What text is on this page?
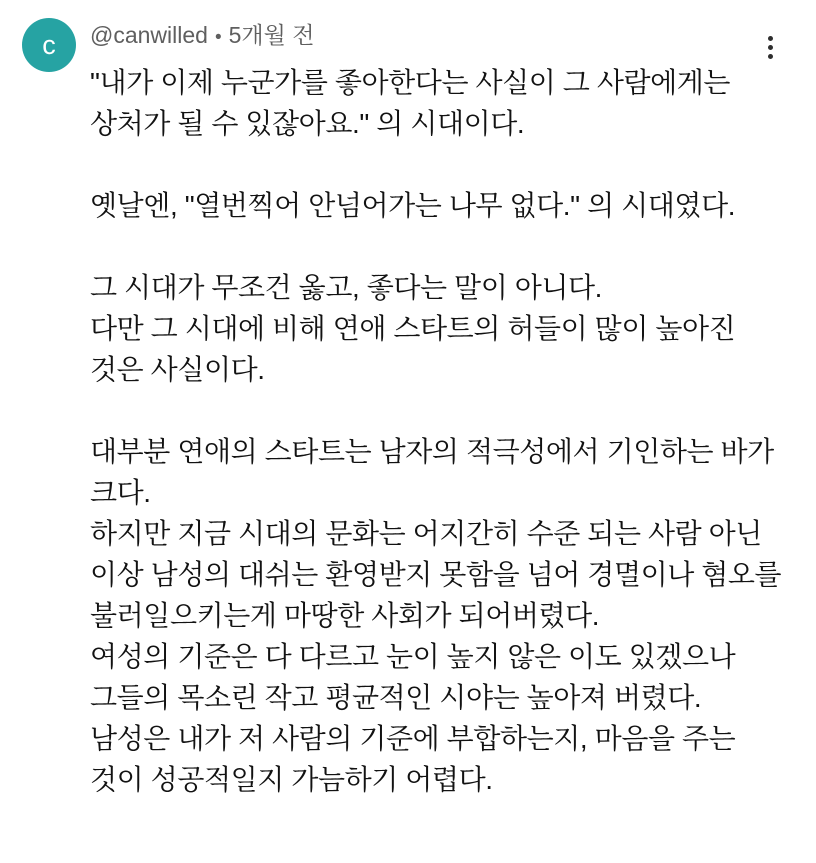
c @canwilled • 5개월 전
"내가 이제 누군가를 좋아한다는 사실이 그 사람에게는
상처가 될 수 있잖아요." 의 시대이다.

옛날엔, "열번찍어 안넘어가는 나무 없다." 의 시대였다.

그 시대가 무조건 옳고, 좋다는 말이 아니다.
다만 그 시대에 비해 연애 스타트의 허들이 많이 높아진
것은 사실이다.

대부분 연애의 스타트는 남자의 적극성에서 기인하는 바가
크다.
하지만 지금 시대의 문화는 어지간히 수준 되는 사람 아닌
이상 남성의 대쉬는 환영받지 못함을 넘어 경멸이나 혐오를
불러일으키는게 마땅한 사회가 되어버렸다.
여성의 기준은 다 다르고 눈이 높지 않은 이도 있겠으나
그들의 목소린 작고 평균적인 시야는 높아져 버렸다.
남성은 내가 저 사람의 기준에 부합하는지, 마음을 주는
것이 성공적일지 가늠하기 어렵다.
